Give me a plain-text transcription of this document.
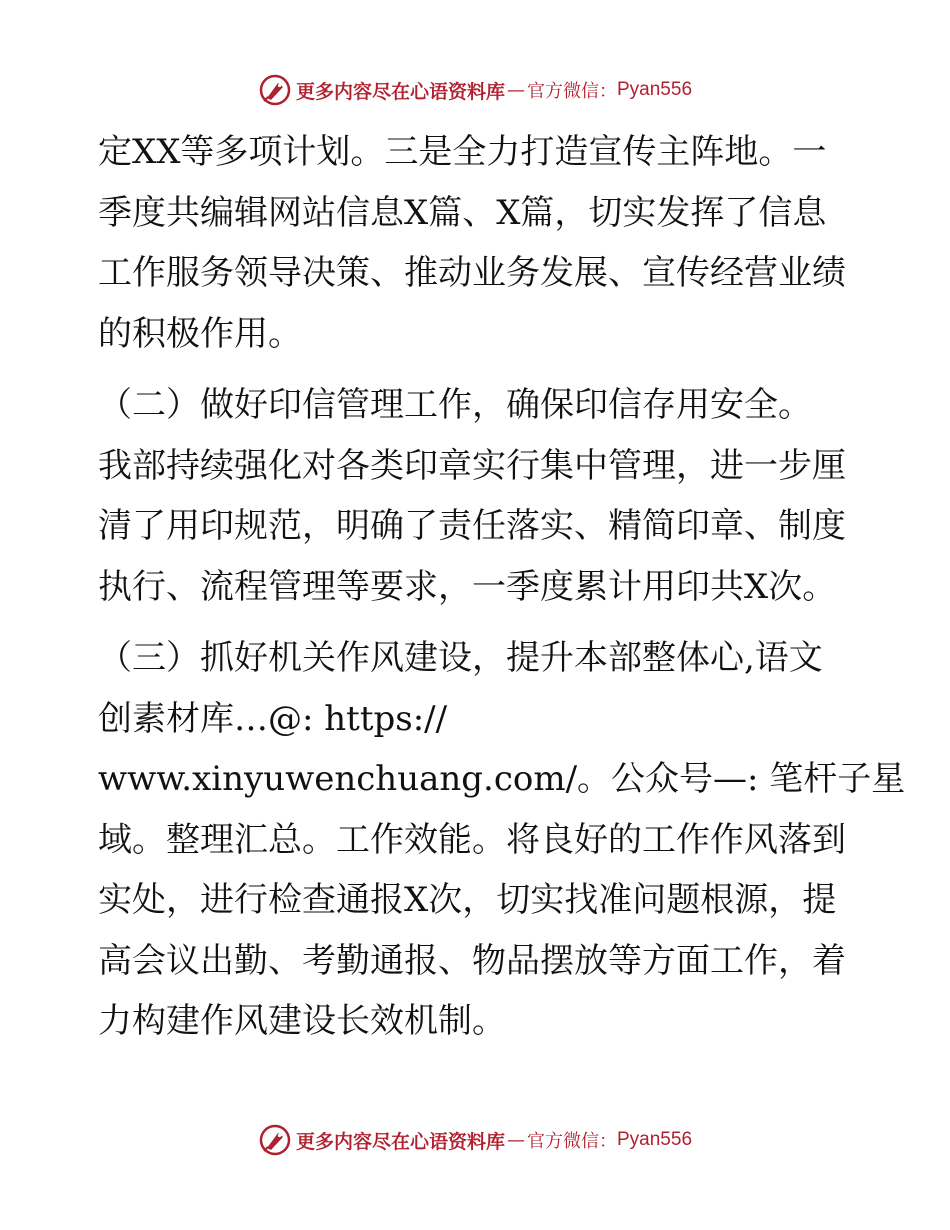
更多内容尽在心语资料库 — 官方微信： Pyan556
定XX等多项计划。三是全力打造宣传主阵地。一
季度共编辑网站信息X篇、X篇，切实发挥了信息
工作服务领导决策、推动业务发展、宣传经营业绩
的积极作用。
（二）做好印信管理工作，确保印信存用安全。
我部持续强化对各类印章实行集中管理，进一步厘
清了用印规范，明确了责任落实、精简印章、制度
执行、流程管理等要求，一季度累计用印共X次。
（三）抓好机关作风建设，提升本部整体心,语文
创素材库…@: https://
www.xinyuwenchuang.com/。公众号—: 笔杆子星
域。整理汇总。工作效能。将良好的工作作风落到
实处，进行检查通报X次，切实找准问题根源，提
高会议出勤、考勤通报、物品摆放等方面工作，着
力构建作风建设长效机制。
更多内容尽在心语资料库 — 官方微信： Pyan556
